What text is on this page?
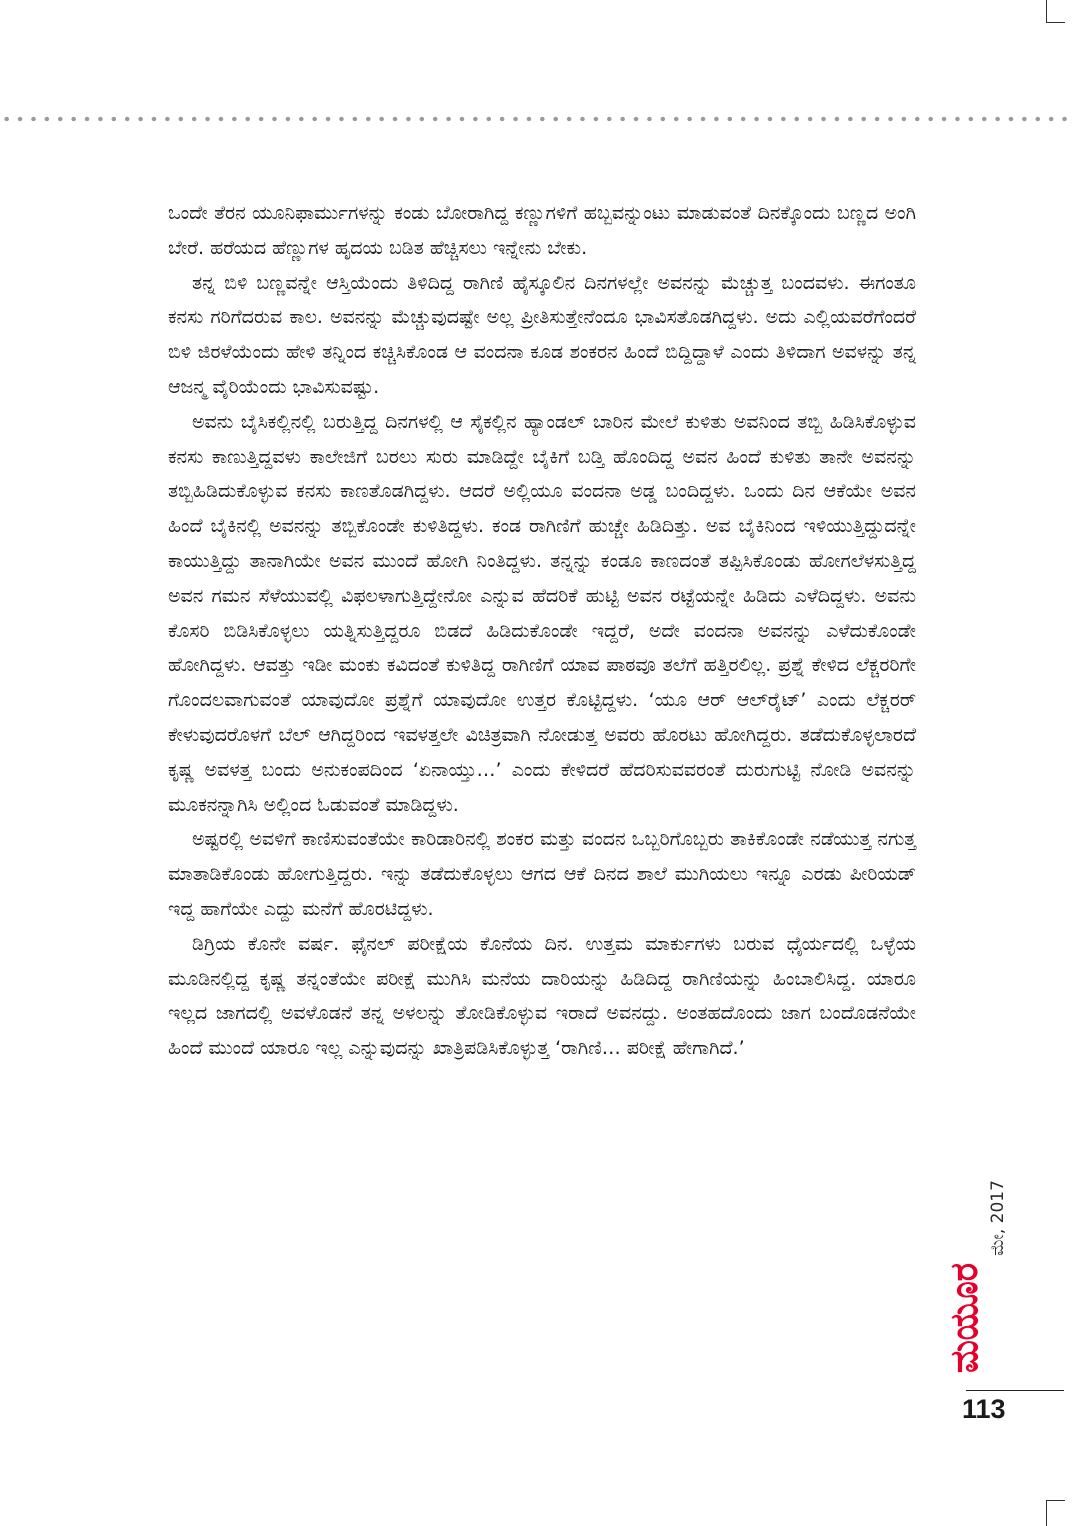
ಒಂದೇ ತೆರನ ಯೂನಿಫಾರ್ಮುಗಳನ್ನು ಕಂಡು ಬೋರಾಗಿದ್ದ ಕಣ್ಣುಗಳಿಗೆ ಹಬ್ಬವನ್ನುಂಟು ಮಾಡುವಂತೆ ದಿನಕ್ಕೊಂದು ಬಣ್ಣದ ಅಂಗಿ ಬೇರೆ. ಹರೆಯದ ಹೆಣ್ಣುಗಳ ಹೃದಯ ಬಡಿತ ಹೆಚ್ಚಿಸಲು ಇನ್ನೇನು ಬೇಕು.

ತನ್ನ ಬಿಳಿ ಬಣ್ಣವನ್ನೇ ಆಸ್ತಿಯೆಂದು ತಿಳಿದಿದ್ದ ರಾಗಿಣಿ ಹೈಸ್ಕೂಲಿನ ದಿನಗಳಲ್ಲೇ ಅವನನ್ನು ಮೆಚ್ಚುತ್ತ ಬಂದವಳು. ಈಗಂತೂ ಕನಸು ಗರಿಗೆದರುವ ಕಾಲ. ಅವನನ್ನು ಮೆಚ್ಚುವುದಷ್ಟೇ ಅಲ್ಲ ಪ್ರೀತಿಸುತ್ತೇನೆಂದೂ ಭಾವಿಸತೊಡಗಿದ್ದಳು. ಅದು ಎಲ್ಲಿಯವರೆಗೆಂದರೆ ಬಿಳಿ ಜಿರಳೆಯೆಂದು ಹೇಳಿ ತನ್ನಿಂದ ಕಚ್ಚಿಸಿಕೊಂಡ ಆ ವಂದನಾ ಕೂಡ ಶಂಕರನ ಹಿಂದೆ ಬಿದ್ದಿದ್ದಾಳೆ ಎಂದು ತಿಳಿದಾಗ ಅವಳನ್ನು ತನ್ನ ಆಜನ್ಮ ವೈರಿಯೆಂದು ಭಾವಿಸುವಷ್ಟು.

ಅವನು ಬೈಸಿಕಲ್ಲಿನಲ್ಲಿ ಬರುತ್ತಿದ್ದ ದಿನಗಳಲ್ಲಿ ಆ ಸೈಕಲ್ಲಿನ ಹ್ಯಾಂಡಲ್ ಬಾರಿನ ಮೇಲೆ ಕುಳಿತು ಅವನಿಂದ ತಬ್ಬಿ ಹಿಡಿಸಿಕೊಳ್ಳುವ ಕನಸು ಕಾಣುತ್ತಿದ್ದವಳು ಕಾಲೇಜಿಗೆ ಬರಲು ಸುರು ಮಾಡಿದ್ದೇ ಬೈಕಿಗೆ ಬಡ್ತಿ ಹೊಂದಿದ್ದ ಅವನ ಹಿಂದೆ ಕುಳಿತು ತಾನೇ ಅವನನ್ನು ತಬ್ಬಿಹಿಡಿದುಕೊಳ್ಳುವ ಕನಸು ಕಾಣತೊಡಗಿದ್ದಳು. ಆದರೆ ಅಲ್ಲಿಯೂ ವಂದನಾ ಅಡ್ಡ ಬಂದಿದ್ದಳು. ಒಂದು ದಿನ ಆಕೆಯೇ ಅವನ ಹಿಂದೆ ಬೈಕಿನಲ್ಲಿ ಅವನನ್ನು ತಬ್ಬಿಕೊಂಡೇ ಕುಳಿತಿದ್ದಳು. ಕಂಡ ರಾಗಿಣಿಗೆ ಹುಚ್ಚೇ ಹಿಡಿದಿತ್ತು. ಅವ ಬೈಕಿನಿಂದ ಇಳಿಯುತ್ತಿದ್ದುದನ್ನೇ ಕಾಯುತ್ತಿದ್ದು ತಾನಾಗಿಯೇ ಅವನ ಮುಂದೆ ಹೋಗಿ ನಿಂತಿದ್ದಳು. ತನ್ನನ್ನು ಕಂಡೂ ಕಾಣದಂತೆ ತಪ್ಪಿಸಿಕೊಂಡು ಹೋಗಲೆಳಸುತ್ತಿದ್ದ ಅವನ ಗಮನ ಸೆಳೆಯುವಲ್ಲಿ ವಿಫಲಳಾಗುತ್ತಿದ್ದೇನೋ ಎನ್ನುವ ಹೆದರಿಕೆ ಹುಟ್ಟಿ ಅವನ ರಟ್ಟೆಯನ್ನೇ ಹಿಡಿದು ಎಳೆದಿದ್ದಳು. ಅವನು ಕೊಸರಿ ಬಿಡಿಸಿಕೊಳ್ಳಲು ಯತ್ನಿಸುತ್ತಿದ್ದರೂ ಬಿಡದೆ ಹಿಡಿದುಕೊಂಡೇ ಇದ್ದರೆ, ಅದೇ ವಂದನಾ ಅವನನ್ನು ಎಳೆದುಕೊಂಡೇ ಹೋಗಿದ್ದಳು. ಆವತ್ತು ಇಡೀ ಮಂಕು ಕವಿದಂತೆ ಕುಳಿತಿದ್ದ ರಾಗಿಣಿಗೆ ಯಾವ ಪಾಠವೂ ತಲೆಗೆ ಹತ್ತಿರಲಿಲ್ಲ. ಪ್ರಶ್ನೆ ಕೇಳಿದ ಲೆಕ್ಚರರಿಗೇ ಗೊಂದಲವಾಗುವಂತೆ ಯಾವುದೋ ಪ್ರಶ್ನೆಗೆ ಯಾವುದೋ ಉತ್ತರ ಕೊಟ್ಟಿದ್ದಳು. ‘ಯೂ ಆರ್ ಆಲ್‌ರೈಟ್’ ಎಂದು ಲೆಕ್ಚರರ್ ಕೇಳುವುದರೊಳಗೆ ಬೆಲ್ ಆಗಿದ್ದರಿಂದ ಇವಳತ್ತಲೇ ವಿಚಿತ್ರವಾಗಿ ನೋಡುತ್ತ ಅವರು ಹೊರಟು ಹೋಗಿದ್ದರು. ತಡೆದುಕೊಳ್ಳಲಾರದೆ ಕೃಷ್ಣ ಅವಳತ್ತ ಬಂದು ಅನುಕಂಪದಿಂದ ‘ಏನಾಯ್ತು…’ ಎಂದು ಕೇಳಿದರೆ ಹೆದರಿಸುವವರಂತೆ ದುರುಗುಟ್ಟಿ ನೋಡಿ ಅವನನ್ನು ಮೂಕನನ್ನಾಗಿಸಿ ಅಲ್ಲಿಂದ ಓಡುವಂತೆ ಮಾಡಿದ್ದಳು.

ಅಷ್ಟರಲ್ಲಿ ಅವಳಿಗೆ ಕಾಣಿಸುವಂತೆಯೇ ಕಾರಿಡಾರಿನಲ್ಲಿ ಶಂಕರ ಮತ್ತು ವಂದನ ಒಬ್ಬರಿಗೊಬ್ಬರು ತಾಕಿಕೊಂಡೇ ನಡೆಯುತ್ತ ನಗುತ್ತ ಮಾತಾಡಿಕೊಂಡು ಹೋಗುತ್ತಿದ್ದರು. ಇನ್ನು ತಡೆದುಕೊಳ್ಳಲು ಆಗದ ಆಕೆ ದಿನದ ಶಾಲೆ ಮುಗಿಯಲು ಇನ್ನೂ ಎರಡು ಪೀರಿಯಡ್ ಇದ್ದ ಹಾಗೆಯೇ ಎದ್ದು ಮನೆಗೆ ಹೊರಟಿದ್ದಳು.

ಡಿಗ್ರಿಯ ಕೊನೇ ವರ್ಷ. ಫೈನಲ್ ಪರೀಕ್ಷೆಯ ಕೊನೆಯ ದಿನ. ಉತ್ತಮ ಮಾರ್ಕುಗಳು ಬರುವ ಧೈರ್ಯದಲ್ಲಿ ಒಳ್ಳೆಯ ಮೂಡಿನಲ್ಲಿದ್ದ ಕೃಷ್ಣ ತನ್ನಂತೆಯೇ ಪರೀಕ್ಷೆ ಮುಗಿಸಿ ಮನೆಯ ದಾರಿಯನ್ನು ಹಿಡಿದಿದ್ದ ರಾಗಿಣಿಯನ್ನು ಹಿಂಬಾಲಿಸಿದ್ದ. ಯಾರೂ ಇಲ್ಲದ ಜಾಗದಲ್ಲಿ ಅವಳೊಡನೆ ತನ್ನ ಅಳಲನ್ನು ತೋಡಿಕೊಳ್ಳುವ ಇರಾದೆ ಅವನದ್ದು. ಅಂತಹದೊಂದು ಜಾಗ ಬಂದೊಡನೆಯೇ ಹಿಂದೆ ಮುಂದೆ ಯಾರೂ ಇಲ್ಲ ಎನ್ನುವುದನ್ನು ಖಾತ್ರಿಪಡಿಸಿಕೊಳ್ಳುತ್ತ ‘ರಾಗಿಣಿ… ಪರೀಕ್ಷೆ ಹೇಗಾಗಿದೆ.’

ಮೇ, 2017
ಮಯೂರ
113
